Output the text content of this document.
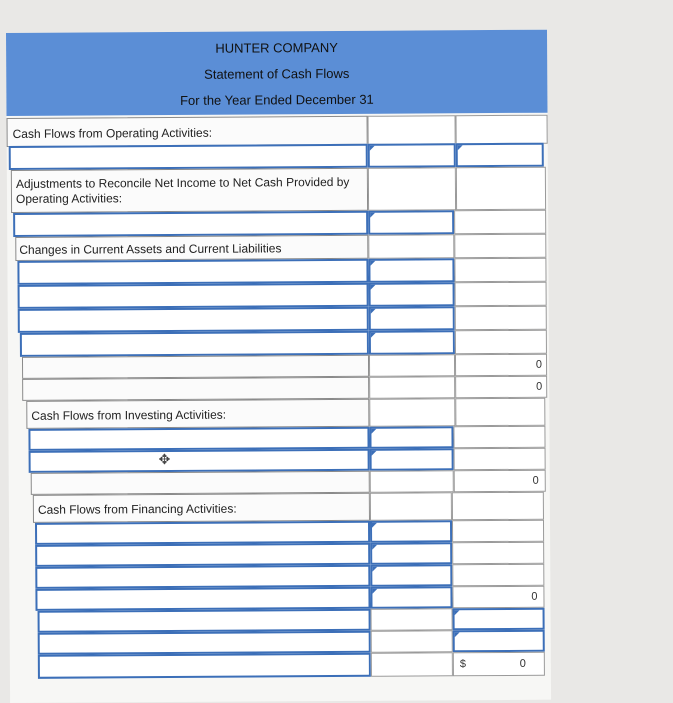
HUNTER COMPANY
Statement of Cash Flows
For the Year Ended December 31
Cash Flows from Operating Activities:
Adjustments to Reconcile Net Income to Net Cash Provided by Operating Activities:
Changes in Current Assets and Current Liabilities
0
0
Cash Flows from Investing Activities:
✥
0
Cash Flows from Financing Activities:
0
$	0
